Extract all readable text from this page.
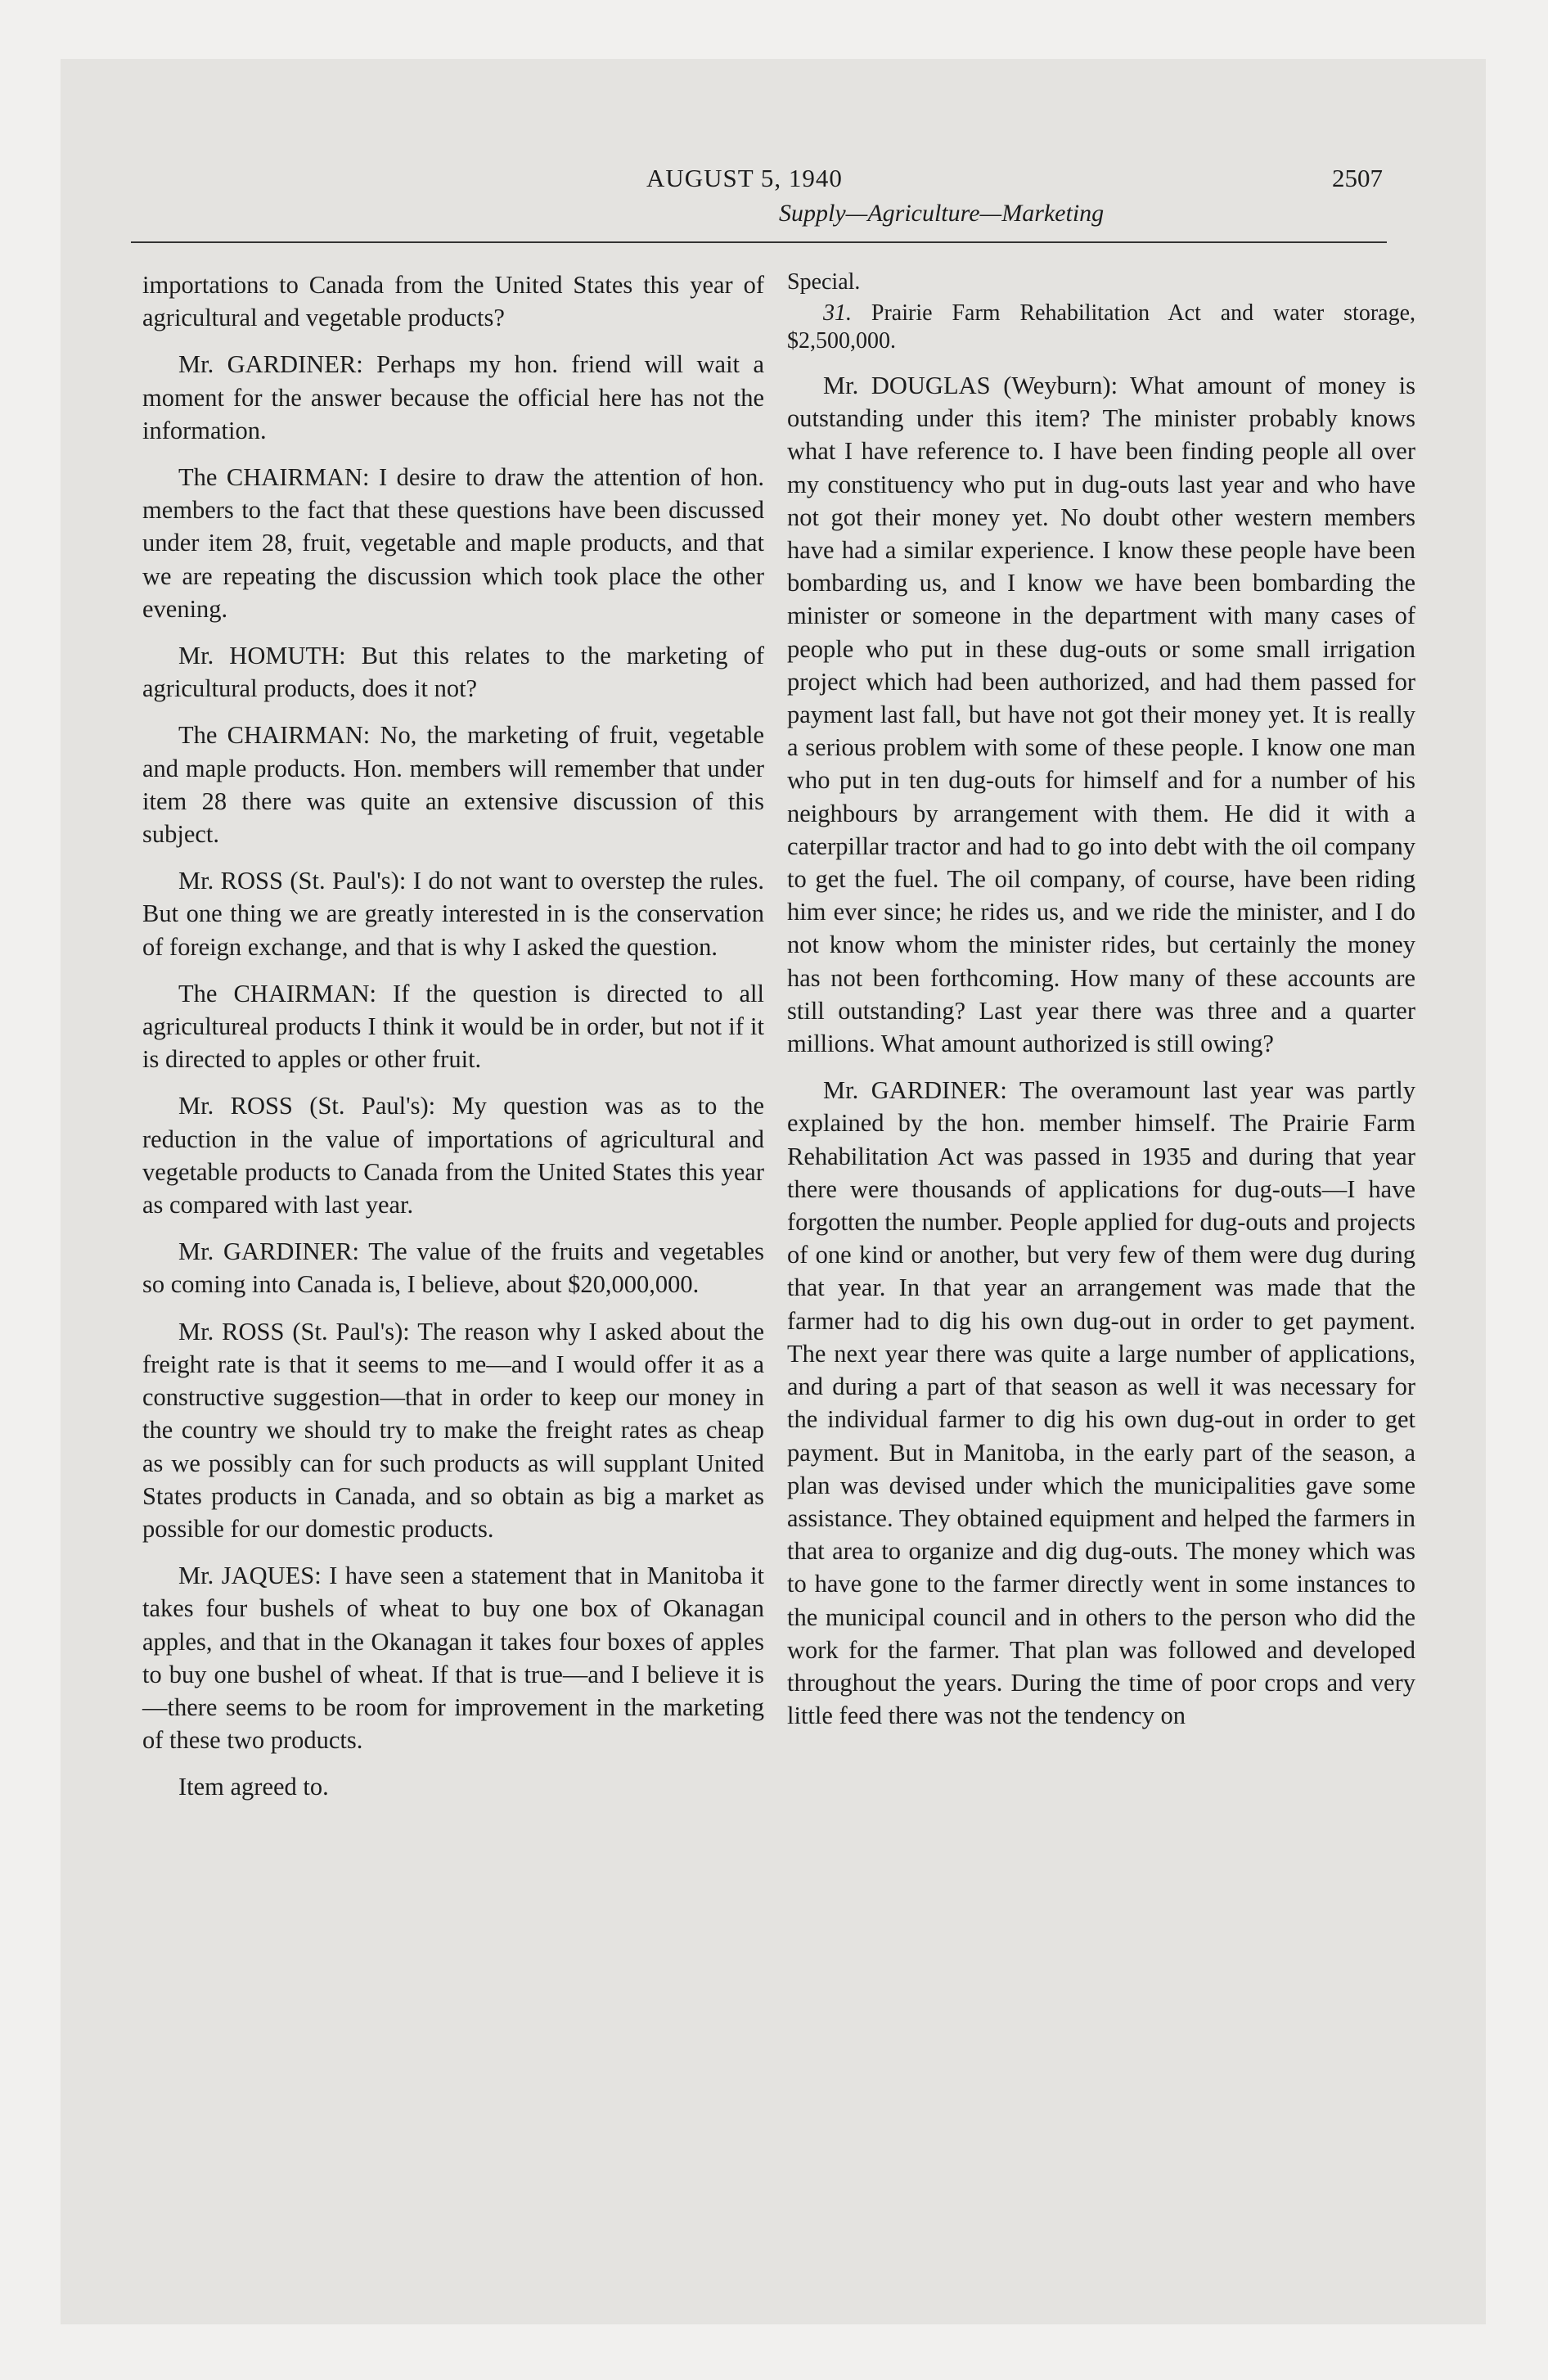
AUGUST 5, 1940	2507
Supply—Agriculture—Marketing

importations to Canada from the United States this year of agricultural and vegetable products?

Mr. GARDINER: Perhaps my hon. friend will wait a moment for the answer because the official here has not the information.

The CHAIRMAN: I desire to draw the attention of hon. members to the fact that these questions have been discussed under item 28, fruit, vegetable and maple products, and that we are repeating the discussion which took place the other evening.

Mr. HOMUTH: But this relates to the marketing of agricultural products, does it not?

The CHAIRMAN: No, the marketing of fruit, vegetable and maple products. Hon. members will remember that under item 28 there was quite an extensive discussion of this subject.

Mr. ROSS (St. Paul's): I do not want to overstep the rules. But one thing we are greatly interested in is the conservation of foreign exchange, and that is why I asked the question.

The CHAIRMAN: If the question is directed to all agricultureal products I think it would be in order, but not if it is directed to apples or other fruit.

Mr. ROSS (St. Paul's): My question was as to the reduction in the value of importations of agricultural and vegetable products to Canada from the United States this year as compared with last year.

Mr. GARDINER: The value of the fruits and vegetables so coming into Canada is, I believe, about $20,000,000.

Mr. ROSS (St. Paul's): The reason why I asked about the freight rate is that it seems to me—and I would offer it as a constructive suggestion—that in order to keep our money in the country we should try to make the freight rates as cheap as we possibly can for such products as will supplant United States products in Canada, and so obtain as big a market as possible for our domestic products.

Mr. JAQUES: I have seen a statement that in Manitoba it takes four bushels of wheat to buy one box of Okanagan apples, and that in the Okanagan it takes four boxes of apples to buy one bushel of wheat. If that is true—and I believe it is—there seems to be room for improvement in the marketing of these two products.

Item agreed to.

Special.

31. Prairie Farm Rehabilitation Act and water storage, $2,500,000.

Mr. DOUGLAS (Weyburn): What amount of money is outstanding under this item? The minister probably knows what I have reference to. I have been finding people all over my constituency who put in dug-outs last year and who have not got their money yet. No doubt other western members have had a similar experience. I know these people have been bombarding us, and I know we have been bombarding the minister or someone in the department with many cases of people who put in these dug-outs or some small irrigation project which had been authorized, and had them passed for payment last fall, but have not got their money yet. It is really a serious problem with some of these people. I know one man who put in ten dug-outs for himself and for a number of his neighbours by arrangement with them. He did it with a caterpillar tractor and had to go into debt with the oil company to get the fuel. The oil company, of course, have been riding him ever since; he rides us, and we ride the minister, and I do not know whom the minister rides, but certainly the money has not been forthcoming. How many of these accounts are still outstanding? Last year there was three and a quarter millions. What amount authorized is still owing?

Mr. GARDINER: The overamount last year was partly explained by the hon. member himself. The Prairie Farm Rehabilitation Act was passed in 1935 and during that year there were thousands of applications for dug-outs—I have forgotten the number. People applied for dug-outs and projects of one kind or another, but very few of them were dug during that year. In that year an arrangement was made that the farmer had to dig his own dug-out in order to get payment. The next year there was quite a large number of applications, and during a part of that season as well it was necessary for the individual farmer to dig his own dug-out in order to get payment. But in Manitoba, in the early part of the season, a plan was devised under which the municipalities gave some assistance. They obtained equipment and helped the farmers in that area to organize and dig dug-outs. The money which was to have gone to the farmer directly went in some instances to the municipal council and in others to the person who did the work for the farmer. That plan was followed and developed throughout the years. During the time of poor crops and very little feed there was not the tendency on
